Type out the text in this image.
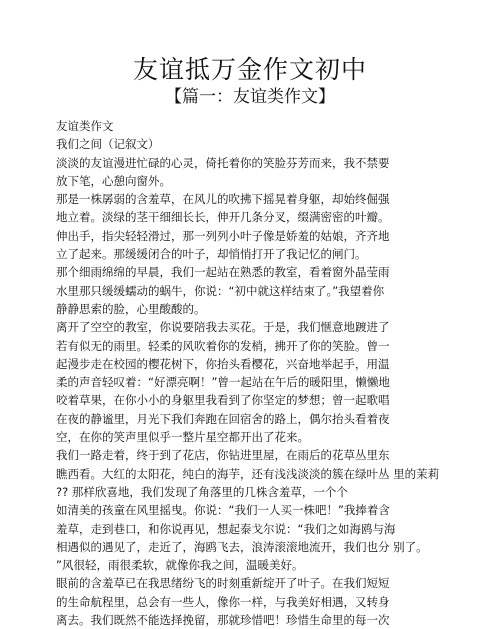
友谊抵万金作文初中
【篇一：友谊类作文】
友谊类作文
我们之间（记叙文）
淡淡的友谊漫进忙碌的心灵，倚托着你的笑脸芬芳而来，我不禁要
放下笔，心憩向窗外。
那是一株孱弱的含羞草，在风儿的吹拂下摇晃着身躯，却始终倔强
地立着。淡绿的茎干细细长长，伸开几条分叉，缀满密密的叶瓣。
伸出手，指尖轻轻滑过，那一列列小叶子像是娇羞的姑娘，齐齐地
立了起来。那缓缓闭合的叶子，却悄悄打开了我记忆的闸门。
那个细雨绵绵的早晨，我们一起站在熟悉的教室，看着窗外晶莹雨
水里那只缓缓蠕动的蜗牛，你说：“初中就这样结束了。”我望着你
静静思索的脸，心里酸酸的。
离开了空空的教室，你说要陪我去买花。于是，我们惬意地踱进了
若有似无的雨里。轻柔的风吹着你的发梢，拂开了你的笑脸。曾一
起漫步走在校园的樱花树下，你抬头看樱花，兴奋地举起手，用温
柔的声音轻叹着：“好漂亮啊！”曾一起站在午后的暖阳里，懒懒地
咬着草果，在你小小的身躯里我看到了你坚定的梦想；曾一起歌唱
在夜的静谧里，月光下我们奔跑在回宿舍的路上，偶尔抬头看着夜
空，在你的笑声里似乎一整片星空都开出了花来。
我们一路走着，终于到了花店，你钻进里屋，在雨后的花草丛里东
瞧西看。大红的太阳花，纯白的海芋，还有浅浅淡淡的簇在绿叶丛 里的茉莉
?? 那样欣喜地，我们发现了角落里的几株含羞草，一个个
如清美的孩童在风里摇曳。你说：“我们一人买一株吧！”我捧着含
羞草，走到巷口，和你说再见，想起泰戈尔说：“我们之如海鸥与海
相遇似的遇见了，走近了，海鸥飞去，浪涛滚滚地流开，我们也分 别了。
”风很轻，雨很柔软，就像你我之间，温暖美好。
眼前的含羞草已在我思绪纷飞的时刻重新绽开了叶子。在我们短短
的生命航程里，总会有一些人，像你一样，与我美好相遇，又转身
离去。我们既然不能选择挽留，那就珍惜吧！珍惜生命里的每一次
